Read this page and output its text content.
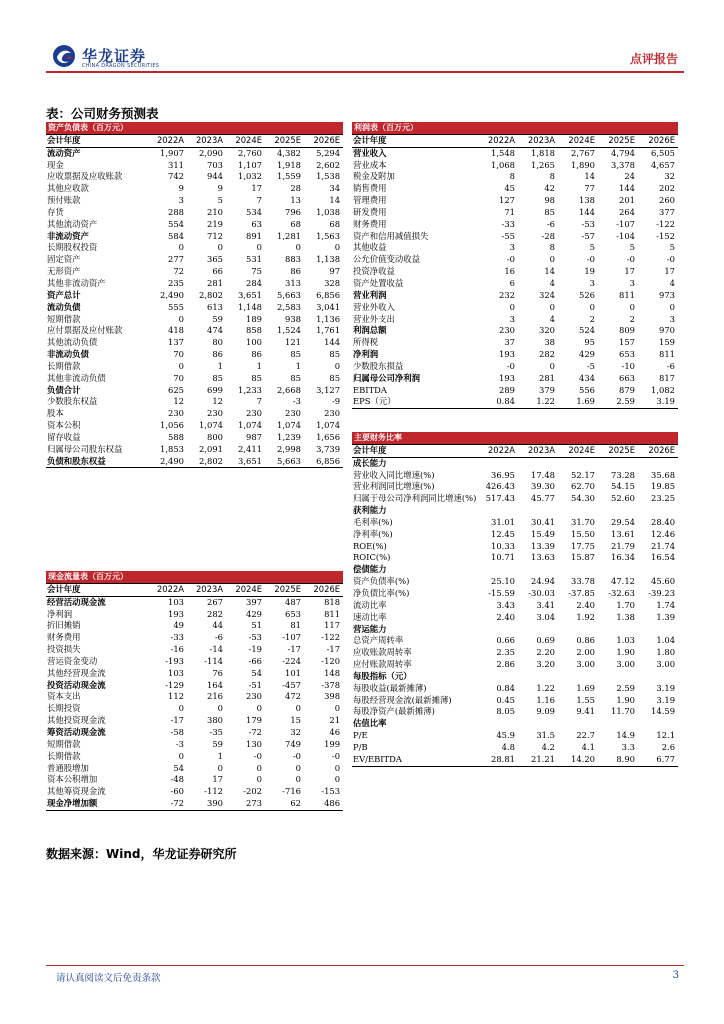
华龙证券
CHINA DRAGON SECURITIES	点评报告
表：公司财务预测表
资产负债表（百万元）					
会计年度	2022A	2023A	2024E	2025E	2026E
流动资产	1,907	2,090	2,760	4,382	5,294
现金	311	703	1,107	1,918	2,602
应收票据及应收账款	742	944	1,032	1,559	1,538
其他应收款	9	9	17	28	34
预付账款	3	5	7	13	14
存货	288	210	534	796	1,038
其他流动资产	554	219	63	68	68
非流动资产	584	712	891	1,281	1,563
长期股权投资	0	0	0	0	0
固定资产	277	365	531	883	1,138
无形资产	72	66	75	86	97
其他非流动资产	235	281	284	313	328
资产总计	2,490	2,802	3,651	5,663	6,856
流动负债	555	613	1,148	2,583	3,041
短期借款	0	59	189	938	1,136
应付票据及应付账款	418	474	858	1,524	1,761
其他流动负债	137	80	100	121	144
非流动负债	70	86	86	85	85
长期借款	0	1	1	1	0
其他非流动负债	70	85	85	85	85
负债合计	625	699	1,233	2,668	3,127
少数股东权益	12	12	7	-3	-9
股本	230	230	230	230	230
资本公积	1,056	1,074	1,074	1,074	1,074
留存收益	588	800	987	1,239	1,656
归属母公司股东权益	1,853	2,091	2,411	2,998	3,739
负债和股东权益	2,490	2,802	3,651	5,663	6,856
现金流量表（百万元）					
会计年度	2022A	2023A	2024E	2025E	2026E
经营活动现金流	103	267	397	487	818
净利润	193	282	429	653	811
折旧摊销	49	44	51	81	117
财务费用	-33	-6	-53	-107	-122
投资损失	-16	-14	-19	-17	-17
营运资金变动	-193	-114	-66	-224	-120
其他经营现金流	103	76	54	101	148
投资活动现金流	-129	164	-51	-457	-378
资本支出	112	216	230	472	398
长期投资	0	0	0	0	0
其他投资现金流	-17	380	179	15	21
筹资活动现金流	-58	-35	-72	32	46
短期借款	-3	59	130	749	199
长期借款	0	1	-0	-0	-0
普通股增加	54	0	0	0	0
资本公积增加	-48	17	0	0	0
其他筹资现金流	-60	-112	-202	-716	-153
现金净增加额	-72	390	273	62	486
利润表（百万元）					
会计年度	2022A	2023A	2024E	2025E	2026E
营业收入	1,548	1,818	2,767	4,794	6,505
营业成本	1,068	1,265	1,890	3,378	4,657
税金及附加	8	8	14	24	32
销售费用	45	42	77	144	202
管理费用	127	98	138	201	260
研发费用	71	85	144	264	377
财务费用	-33	-6	-53	-107	-122
资产和信用减值损失	-55	-28	-57	-104	-152
其他收益	3	8	5	5	5
公允价值变动收益	-0	0	-0	-0	-0
投资净收益	16	14	19	17	17
资产处置收益	6	4	3	3	4
营业利润	232	324	526	811	973
营业外收入	0	0	0	0	0
营业外支出	3	4	2	2	3
利润总额	230	320	524	809	970
所得税	37	38	95	157	159
净利润	193	282	429	653	811
少数股东损益	-0	0	-5	-10	-6
归属母公司净利润	193	281	434	663	817
EBITDA	289	379	556	879	1,082
EPS（元）	0.84	1.22	1.69	2.59	3.19
主要财务比率					
会计年度	2022A	2023A	2024E	2025E	2026E
成长能力					
营业收入同比增速(%)	36.95	17.48	52.17	73.28	35.68
营业利润同比增速(%)	426.43	39.30	62.70	54.15	19.85
归属于母公司净利润同比增速(%)	517.43	45.77	54.30	52.60	23.25
获利能力					
毛利率(%)	31.01	30.41	31.70	29.54	28.40
净利率(%)	12.45	15.49	15.50	13.61	12.46
ROE(%)	10.33	13.39	17.75	21.79	21.74
ROIC(%)	10.71	13.63	15.87	16.34	16.54
偿债能力					
资产负债率(%)	25.10	24.94	33.78	47.12	45.60
净负债比率(%)	-15.59	-30.03	-37.85	-32.63	-39.23
流动比率	3.43	3.41	2.40	1.70	1.74
速动比率	2.40	3.04	1.92	1.38	1.39
营运能力					
总资产周转率	0.66	0.69	0.86	1.03	1.04
应收账款周转率	2.35	2.20	2.00	1.90	1.80
应付账款周转率	2.86	3.20	3.00	3.00	3.00
每股指标（元）					
每股收益(最新摊薄)	0.84	1.22	1.69	2.59	3.19
每股经营现金流(最新摊薄)	0.45	1.16	1.55	1.90	3.19
每股净资产(最新摊薄)	8.05	9.09	9.41	11.70	14.59
估值比率					
P/E	45.9	31.5	22.7	14.9	12.1
P/B	4.8	4.2	4.1	3.3	2.6
EV/EBITDA	28.81	21.21	14.20	8.90	6.77
数据来源：Wind，华龙证券研究所
请认真阅读文后免责条款	3
